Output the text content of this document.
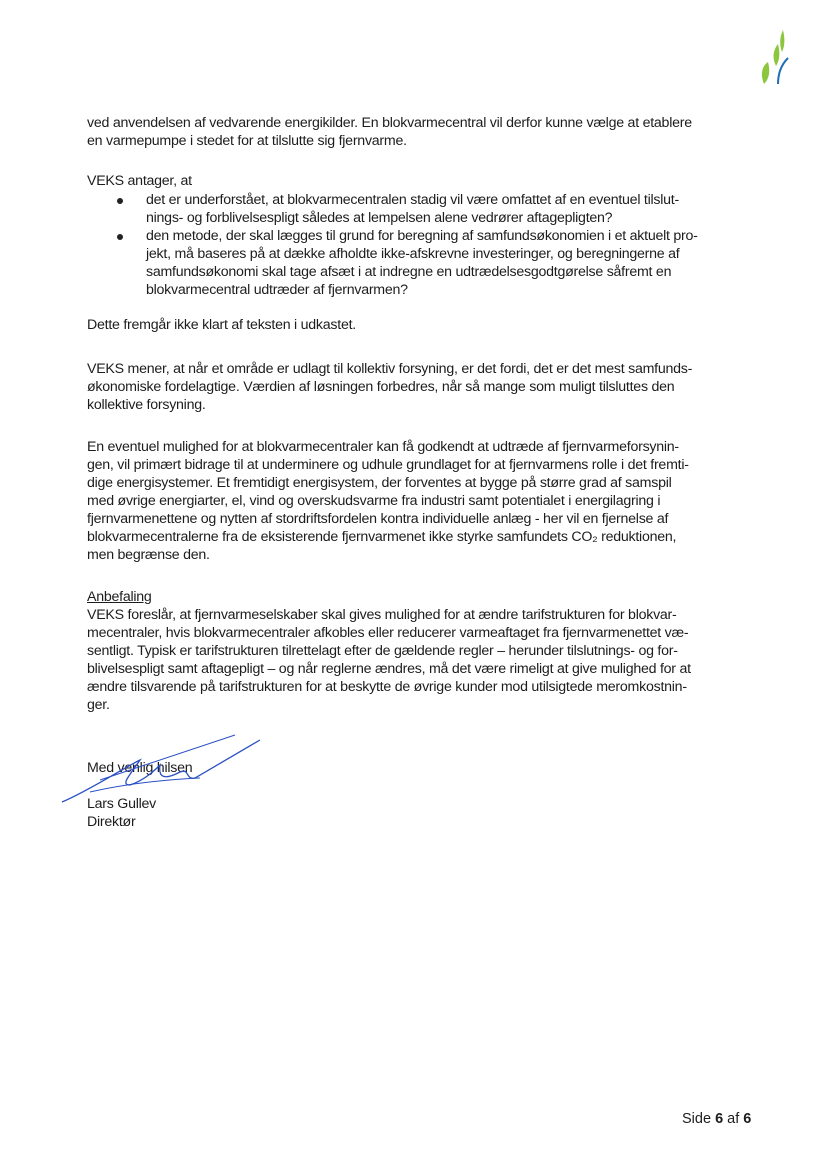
ved anvendelsen af vedvarende energikilder. En blokvarmecentral vil derfor kunne vælge at etablere
en varmepumpe i stedet for at tilslutte sig fjernvarme.
VEKS antager, at
det er underforstået, at blokvarmecentralen stadig vil være omfattet af en eventuel tilslut-
nings- og forblivelsespligt således at lempelsen alene vedrører aftagepligten?
den metode, der skal lægges til grund for beregning af samfundsøkonomien i et aktuelt pro-
jekt, må baseres på at dække afholdte ikke-afskrevne investeringer, og beregningerne af
samfundsøkonomi skal tage afsæt i at indregne en udtrædelsesgodtgørelse såfremt en
blokvarmecentral udtræder af fjernvarmen?
Dette fremgår ikke klart af teksten i udkastet.
VEKS mener, at når et område er udlagt til kollektiv forsyning, er det fordi, det er det mest samfunds-
økonomiske fordelagtige. Værdien af løsningen forbedres, når så mange som muligt tilsluttes den
kollektive forsyning.
En eventuel mulighed for at blokvarmecentraler kan få godkendt at udtræde af fjernvarmeforsynin-
gen, vil primært bidrage til at underminere og udhule grundlaget for at fjernvarmens rolle i det fremti-
dige energisystemer. Et fremtidigt energisystem, der forventes at bygge på større grad af samspil
med øvrige energiarter, el, vind og overskudsvarme fra industri samt potentialet i energilagring i
fjernvarmenettene og nytten af stordriftsfordelen kontra individuelle anlæg - her vil en fjernelse af
blokvarmecentralerne fra de eksisterende fjernvarmenet ikke styrke samfundets CO₂ reduktionen,
men begrænse den.
Anbefaling
VEKS foreslår, at fjernvarmeselskaber skal gives mulighed for at ændre tarifstrukturen for blokvar-
mecentraler, hvis blokvarmecentraler afkobles eller reducerer varmeaftaget fra fjernvarmenettet væ-
sentligt. Typisk er tarifstrukturen tilrettelagt efter de gældende regler – herunder tilslutnings- og for-
blivelsespligt samt aftagepligt – og når reglerne ændres, må det være rimeligt at give mulighed for at
ændre tilsvarende på tarifstrukturen for at beskytte de øvrige kunder mod utilsigtede meromkostnin-
ger.
Med venlig hilsen
Lars Gullev
Direktør
Side 6 af 6
